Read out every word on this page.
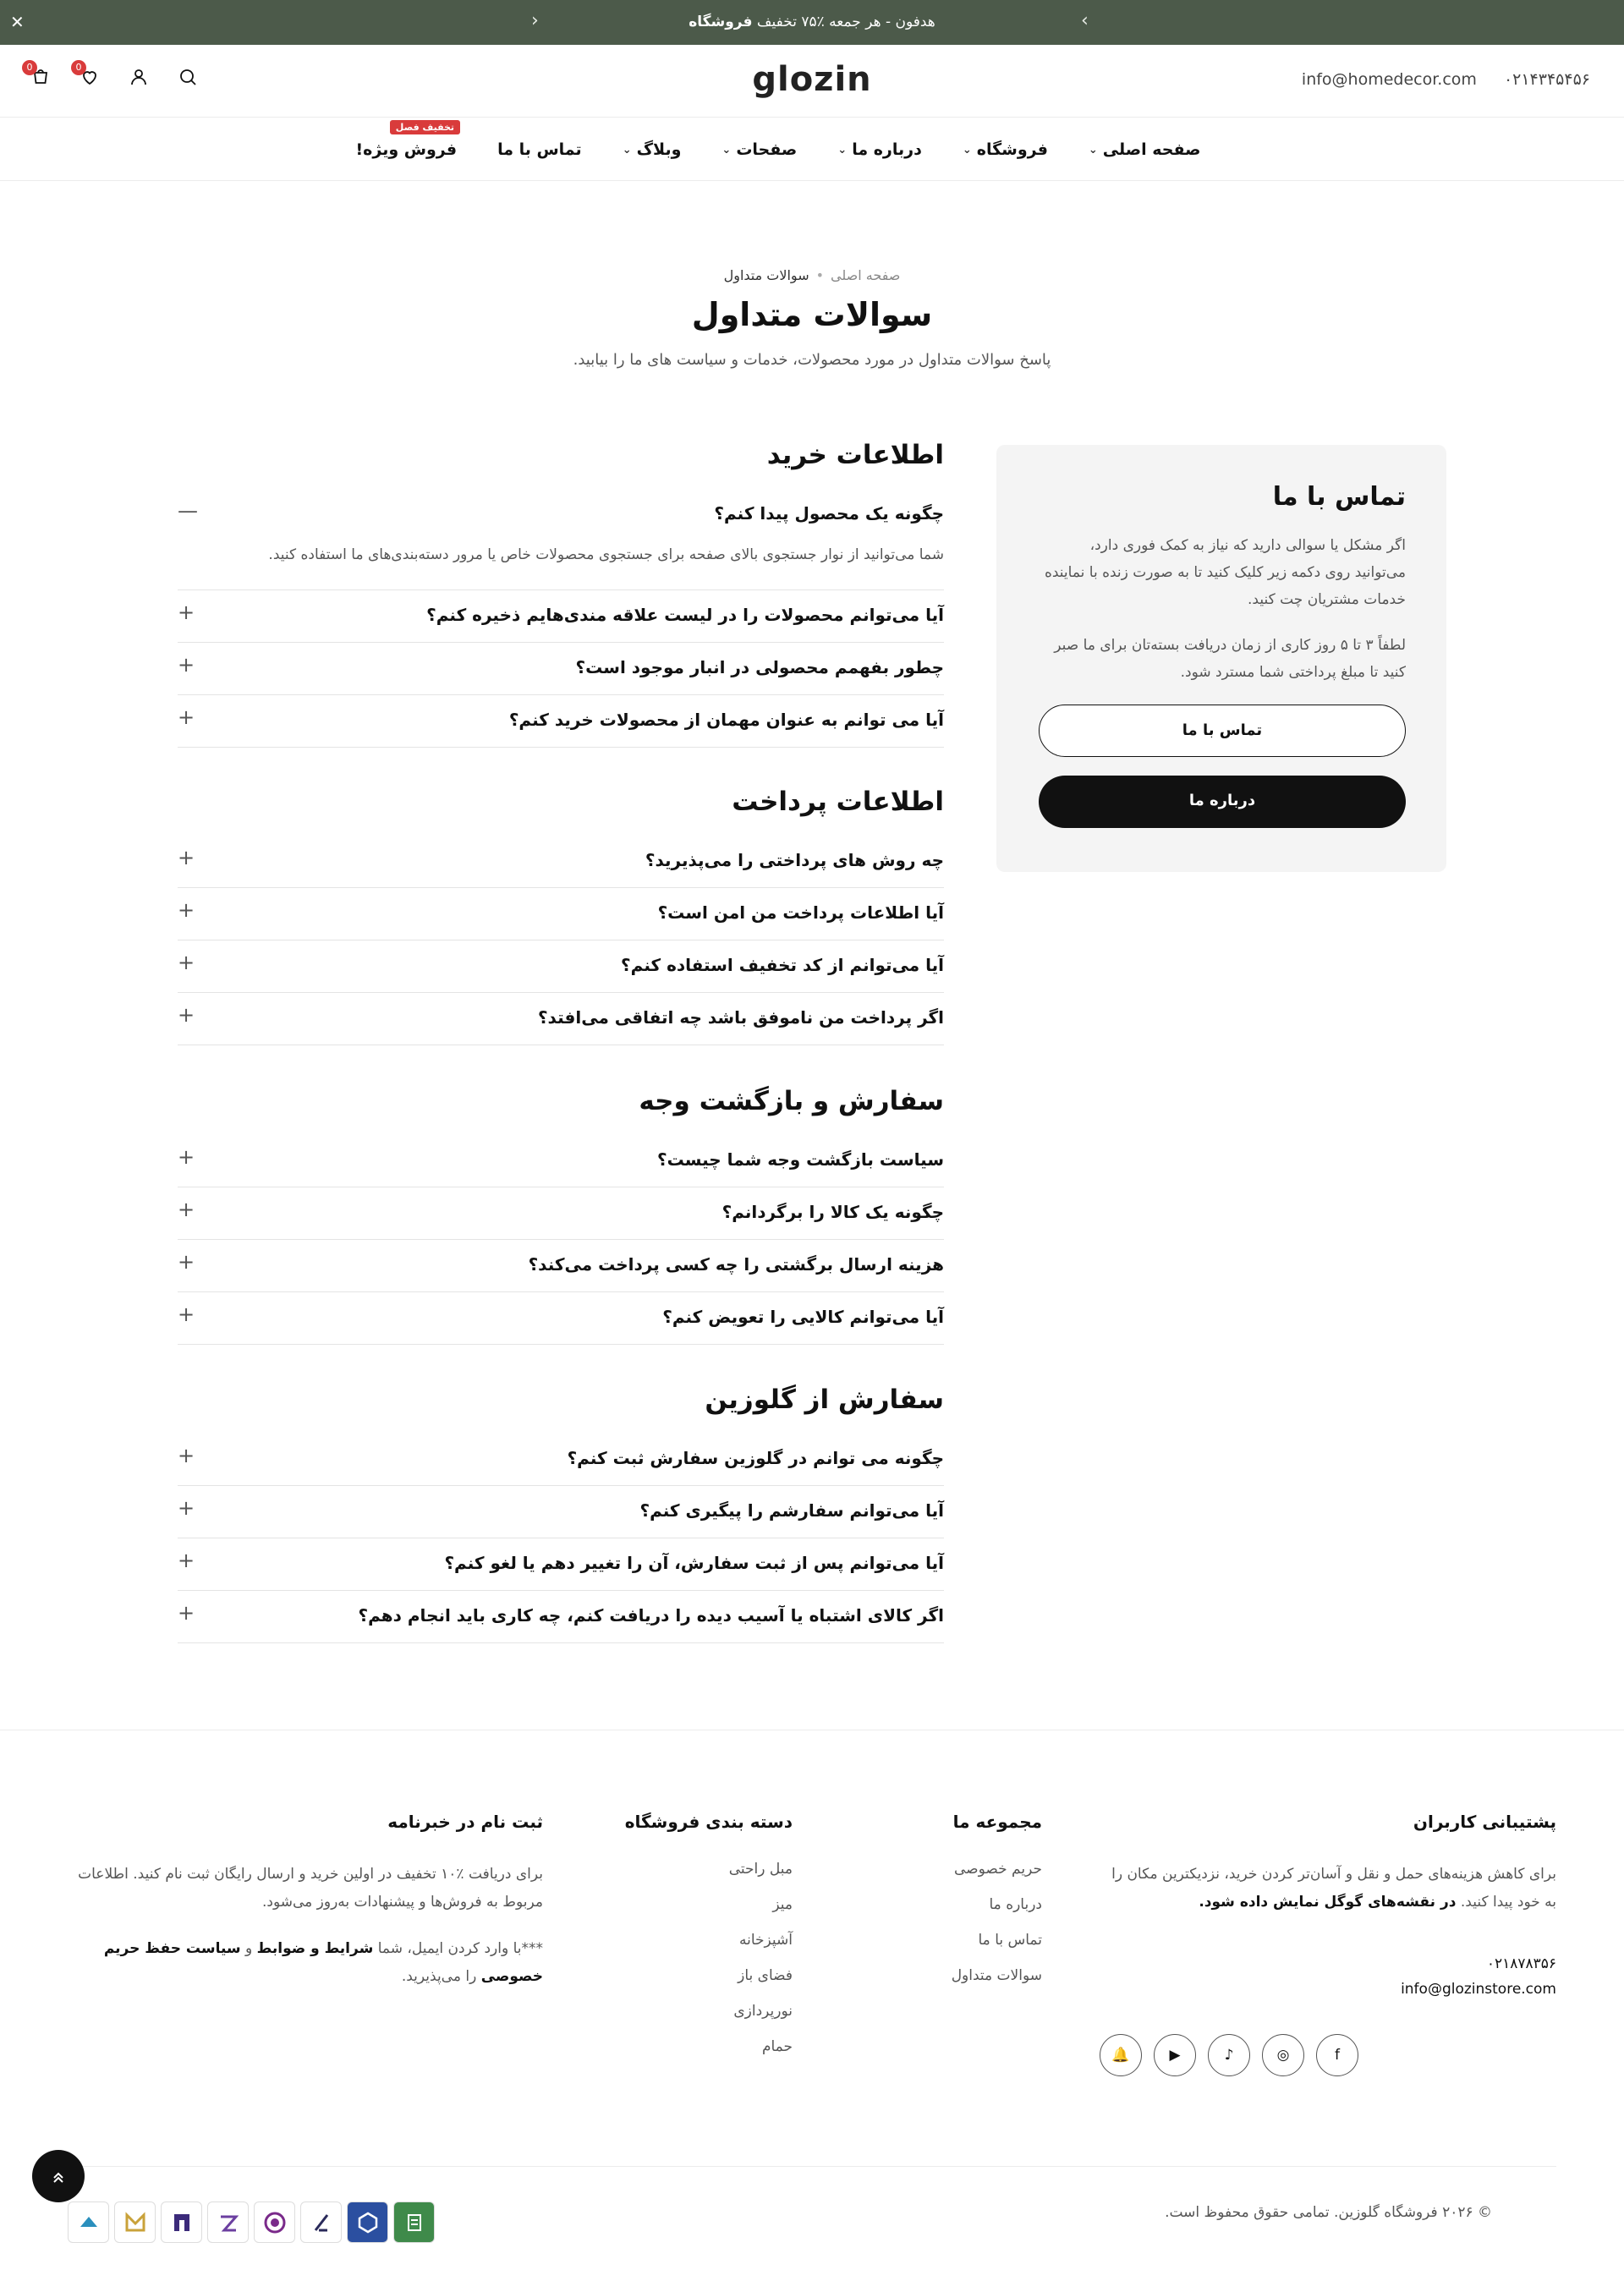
✕	‹	هدفون - هر جمعه ٪۷۵ تخفیف فروشگاه	›
info@homedecor.com ۰۲۱۴۳۴۵۴۵۶
glozin
0	0
صفحه اصلی
⌄
فروشگاه
⌄
درباره ما
⌄
صفحات
⌄
وبلاگ
⌄
تماس با ما
فروش ویژه!
تخفیف فصل
صفحه اصلی•سوالات متداول
سوالات متداول
پاسخ سوالات متداول در مورد محصولات، خدمات و سیاست های ما را بیابید.
تماس با ما

اگر مشکل یا سوالی دارید که نیاز به کمک فوری دارد، می‌توانید روی دکمه زیر کلیک کنید تا به صورت زنده با نماینده خدمات مشتریان چت کنید.

لطفاً ۳ تا ۵ روز کاری از زمان دریافت بسته‌تان برای ما صبر کنید تا مبلغ پرداختی شما مسترد شود.

تماس با ما
درباره ما
اطلاعات خرید
چگونه یک محصول پیدا کنم؟
—
شما می‌توانید از نوار جستجوی بالای صفحه برای جستجوی محصولات خاص یا مرور دسته‌بندی‌های ما استفاده کنید.
آیا می‌توانم محصولات را در لیست علاقه مندی‌هایم ذخیره کنم؟
+
چطور بفهمم محصولی در انبار موجود است؟
+
آیا می توانم به عنوان مهمان از محصولات خرید کنم؟
+
اطلاعات پرداخت
چه روش های پرداختی را می‌پذیرید؟
+
آیا اطلاعات پرداخت من امن است؟
+
آیا می‌توانم از کد تخفیف استفاده کنم؟
+
اگر پرداخت من ناموفق باشد چه اتفاقی می‌افتد؟
+
سفارش و بازگشت وجه
سیاست بازگشت وجه شما چیست؟
+
چگونه یک کالا را برگردانم؟
+
هزینه ارسال برگشتی را چه کسی پرداخت می‌کند؟
+
آیا می‌توانم کالایی را تعویض کنم؟
+
سفارش از گلوزین
چگونه می توانم در گلوزین سفارش ثبت کنم؟
+
آیا می‌توانم سفارشم را پیگیری کنم؟
+
آیا می‌توانم پس از ثبت سفارش، آن را تغییر دهم یا لغو کنم؟
+
اگر کالای اشتباه یا آسیب دیده را دریافت کنم، چه کاری باید انجام دهم؟
+
پشتیبانی کاربران

برای کاهش هزینه‌های حمل و نقل و آسان‌تر کردن خرید، نزدیکترین مکان را به خود پیدا کنید. در نقشه‌های گوگل نمایش داده شود.

۰۲۱۸۷۸۳۵۶

info@glozinstore.com

🔔	▶	♪	◎	f
مجموعه ما
حریم خصوصی
درباره ما
تماس با ما
سوالات متداول
دسته بندی فروشگاه
مبل راحتی
میز
آشپزخانه
فضای باز
نورپردازی
حمام
ثبت نام در خبرنامه

برای دریافت ٪۱۰ تخفیف در اولین خرید و ارسال رایگان ثبت نام کنید. اطلاعات مربوط به فروش‌ها و پیشنهادات به‌روز می‌شود.

***با وارد کردن ایمیل، شما شرایط و ضوابط و سیاست حفظ حریم خصوصی را می‌پذیرید.

© ۲۰۲۶ فروشگاه گلوزین. تمامی حقوق محفوظ است.
